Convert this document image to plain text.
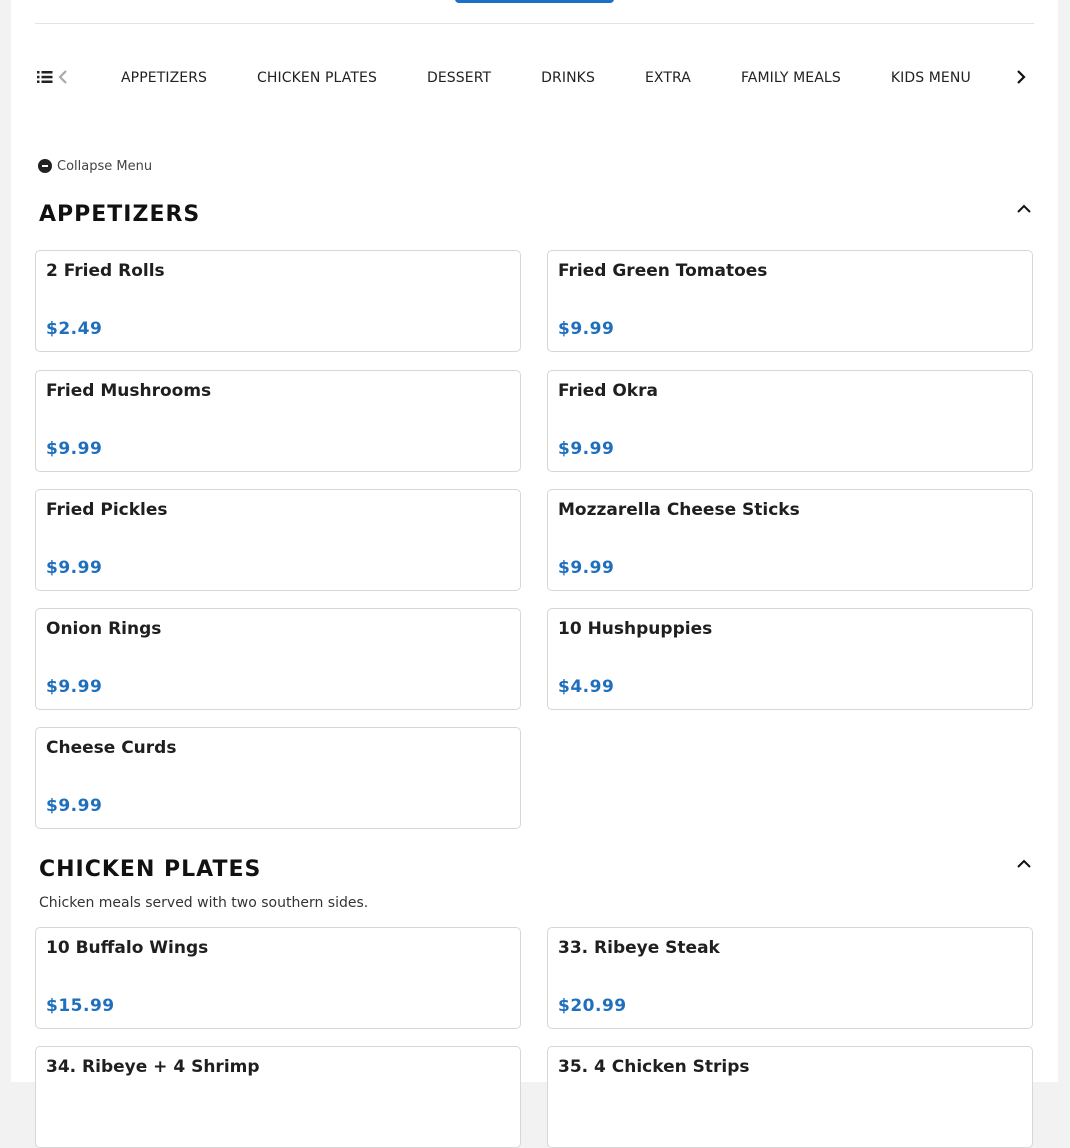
APPETIZERS	CHICKEN PLATES	DESSERT	DRINKS	EXTRA	FAMILY MEALS	KIDS MENU
Collapse Menu
APPETIZERS
2 Fried Rolls
$2.49
Fried Green Tomatoes
$9.99
Fried Mushrooms
$9.99
Fried Okra
$9.99
Fried Pickles
$9.99
Mozzarella Cheese Sticks
$9.99
Onion Rings
$9.99
10 Hushpuppies
$4.99
Cheese Curds
$9.99
CHICKEN PLATES
Chicken meals served with two southern sides.
10 Buffalo Wings
$15.99
33. Ribeye Steak
$20.99
34. Ribeye + 4 Shrimp	35. 4 Chicken Strips
